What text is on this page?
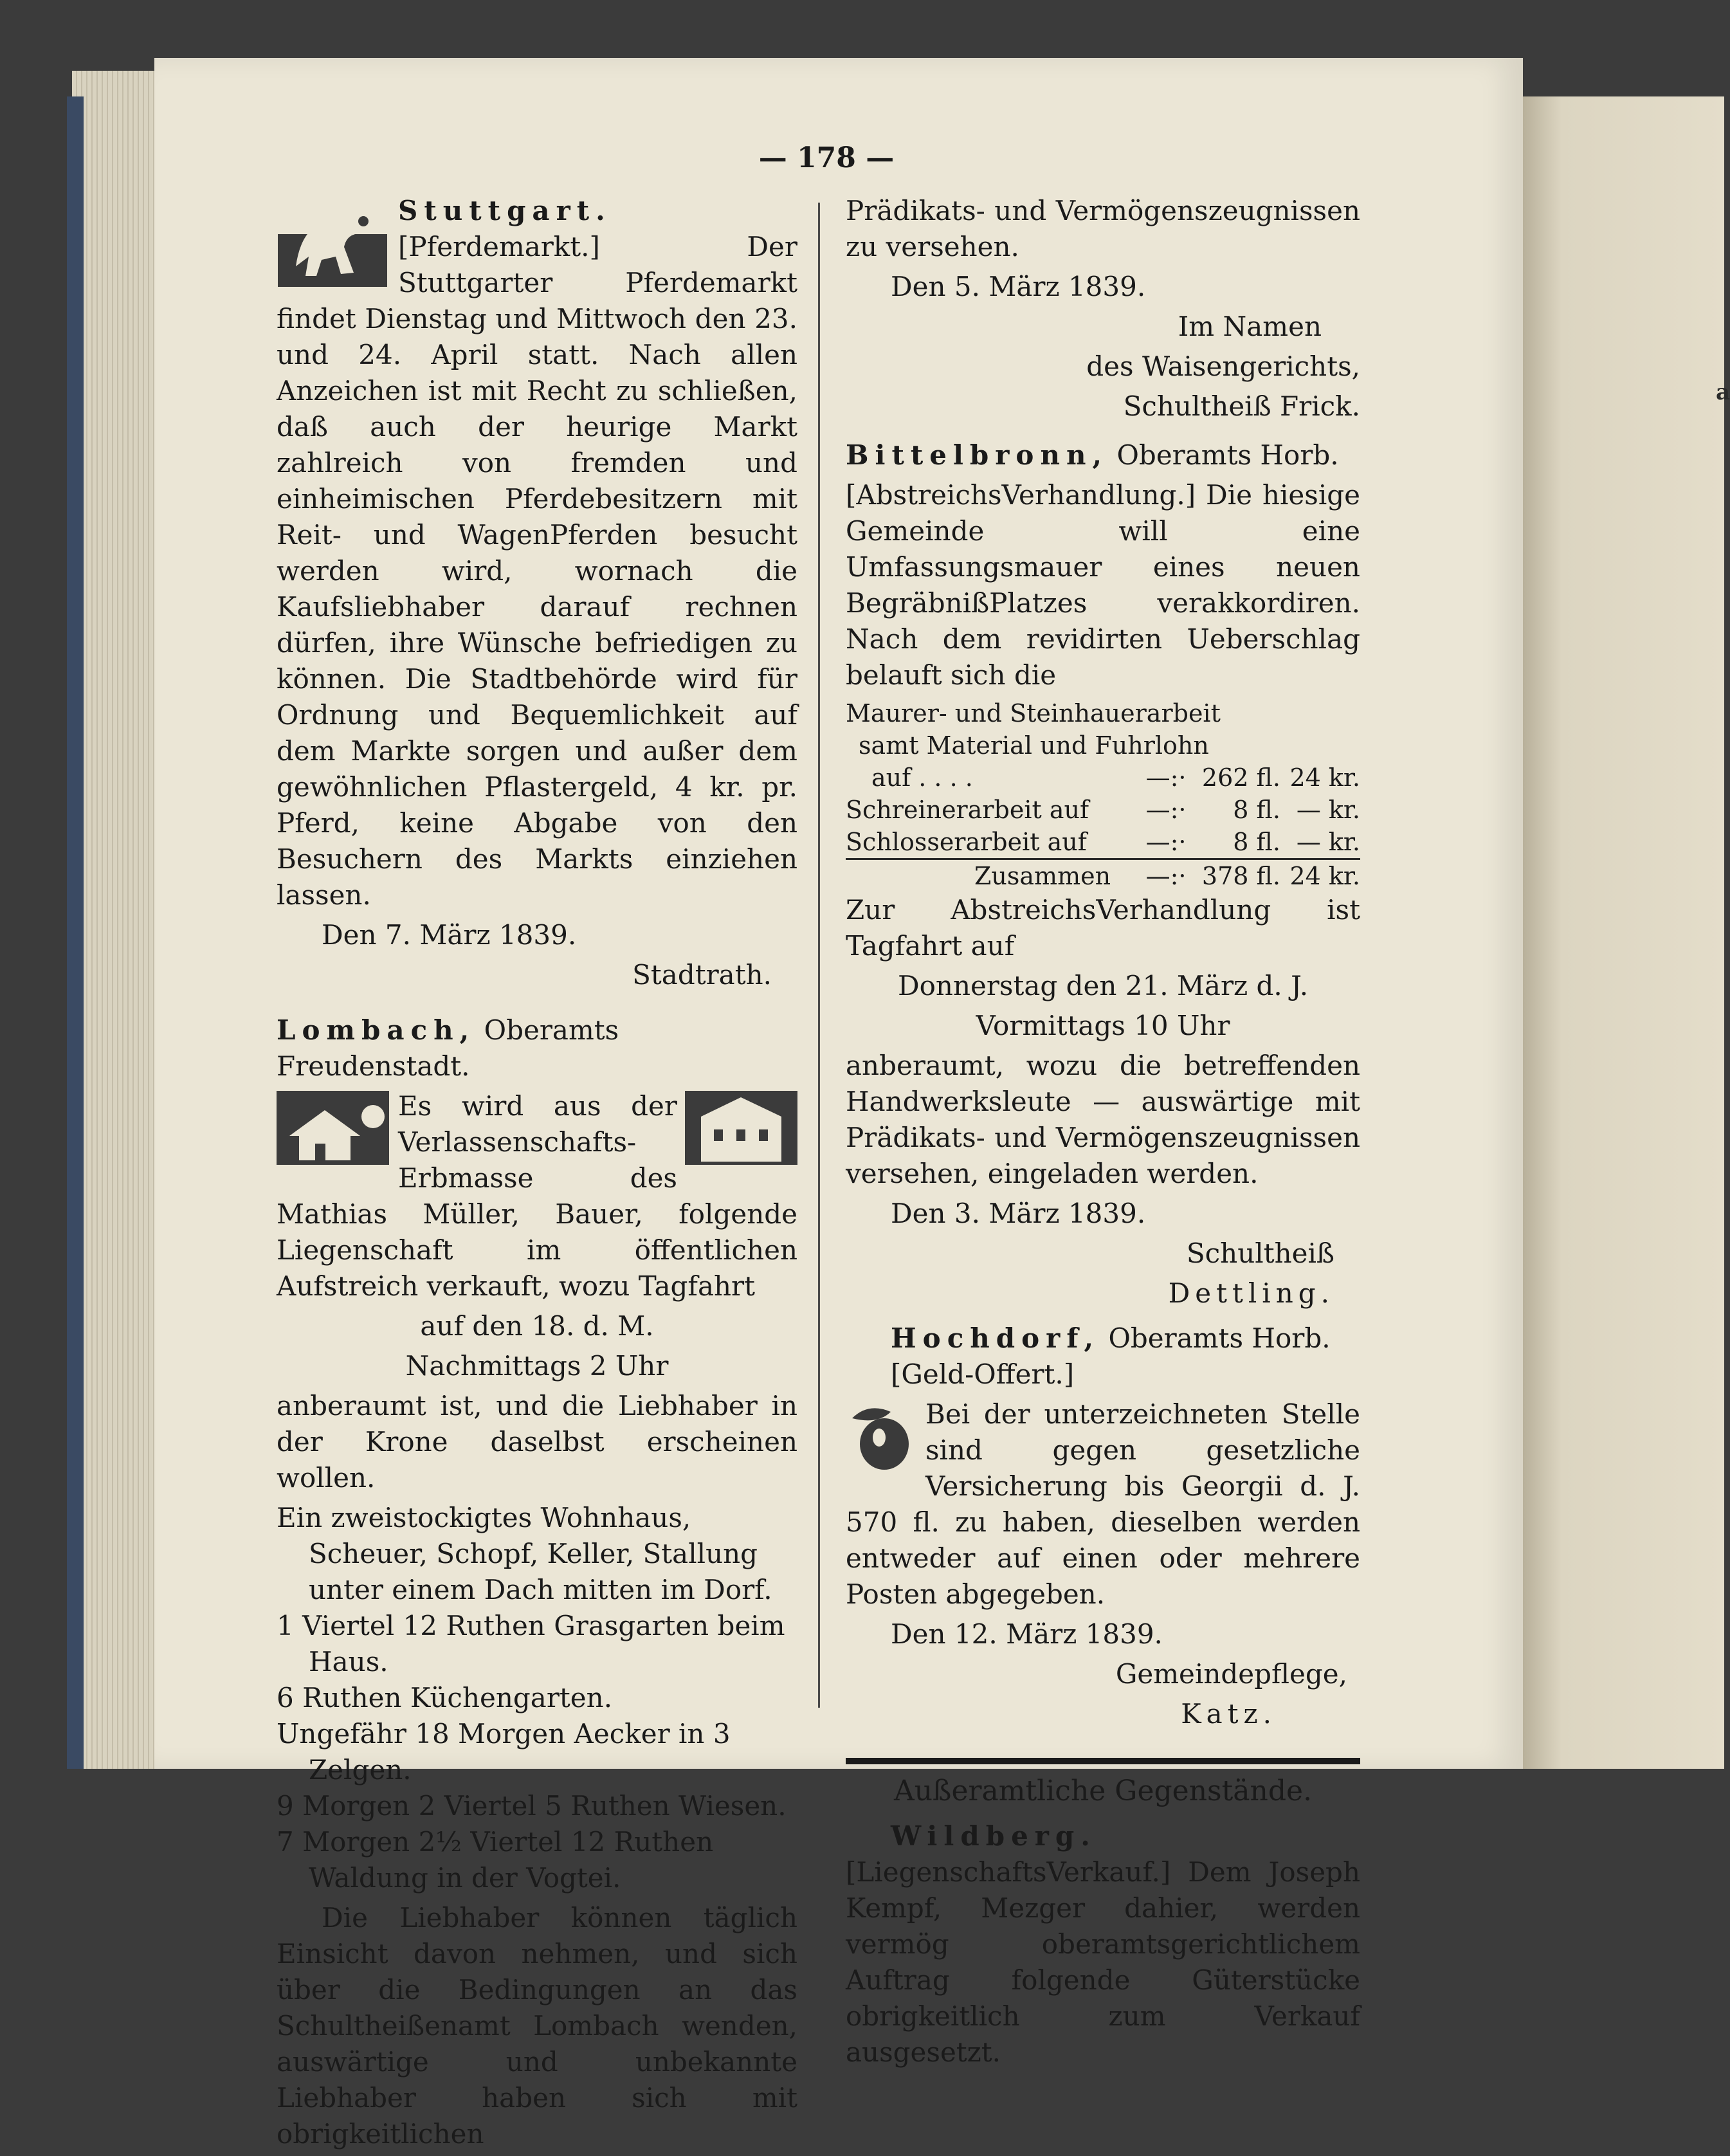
a
— 178 —

Stuttgart. [Pferdemarkt.] Der Stuttgarter Pferdemarkt findet Dienstag und Mittwoch den 23. und 24. April statt. Nach allen Anzeichen ist mit Recht zu schließen, daß auch der heurige Markt zahlreich von fremden und einheimischen Pferdebesitzern mit Reit- und WagenPferden besucht werden wird, wornach die Kaufsliebhaber darauf rechnen dürfen, ihre Wünsche befriedigen zu können. Die Stadtbehörde wird für Ordnung und Bequemlichkeit auf dem Markte sorgen und außer dem gewöhnlichen Pflastergeld, 4 kr. pr. Pferd, keine Abgabe von den Besuchern des Markts einziehen lassen.

Den 7. März 1839.

Stadtrath.

Lombach, Oberamts Freudenstadt.

Es wird aus der Verlassenschafts-Erbmasse des Mathias Müller, Bauer, folgende Liegenschaft im öffentlichen Aufstreich verkauft, wozu Tagfahrt

auf den 18. d. M.

Nachmittags 2 Uhr

anberaumt ist, und die Liebhaber in der Krone daselbst erscheinen wollen.

Ein zweistockigtes Wohnhaus, Scheuer, Schopf, Keller, Stallung unter einem Dach mitten im Dorf.
1 Viertel 12 Ruthen Grasgarten beim Haus.
6 Ruthen Küchengarten.
Ungefähr 18 Morgen Aecker in 3 Zelgen.
9 Morgen 2 Viertel 5 Ruthen Wiesen.
7 Morgen 2½ Viertel 12 Ruthen Waldung in der Vogtei.

Die Liebhaber können täglich Einsicht davon nehmen, und sich über die Bedingungen an das Schultheißenamt Lombach wenden, auswärtige und unbekannte Liebhaber haben sich mit obrigkeitlichen

Prädikats- und Vermögenszeugnissen zu versehen.

Den 5. März 1839.

Im Namen

des Waisengerichts,

Schultheiß Frick.

Bittelbronn, Oberamts Horb.

[AbstreichsVerhandlung.] Die hiesige Gemeinde will eine Umfassungsmauer eines neuen BegräbnißPlatzes verakkordiren. Nach dem revidirten Ueberschlag belauft sich die

Maurer- und Steinhauerarbeit			
samt Material und Fuhrlohn			
auf . . . .	—:·	262 fl.	24 kr.
Schreinerarbeit auf	—:·	8 fl.	— kr.
Schlosserarbeit auf	—:·	8 fl.	— kr.
Zusammen	—:·	378 fl.	24 kr.

Zur AbstreichsVerhandlung ist Tagfahrt auf

Donnerstag den 21. März d. J.

Vormittags 10 Uhr

anberaumt, wozu die betreffenden Handwerksleute — auswärtige mit Prädikats- und Vermögenszeugnissen versehen, eingeladen werden.

Den 3. März 1839.

Schultheiß

Dettling.

Hochdorf, Oberamts Horb. [Geld-Offert.]

Bei der unterzeichneten Stelle sind gegen gesetzliche Versicherung bis Georgii d. J. 570 fl. zu haben, dieselben werden entweder auf einen oder mehrere Posten abgegeben.

Den 12. März 1839.

Gemeindepflege,

Katz.

Außeramtliche Gegenstände.

Wildberg. [LiegenschaftsVerkauf.] Dem Joseph Kempf, Mezger dahier, werden vermög oberamtsgerichtlichem Auftrag folgende Güterstücke obrigkeitlich zum Verkauf ausgesetzt.
